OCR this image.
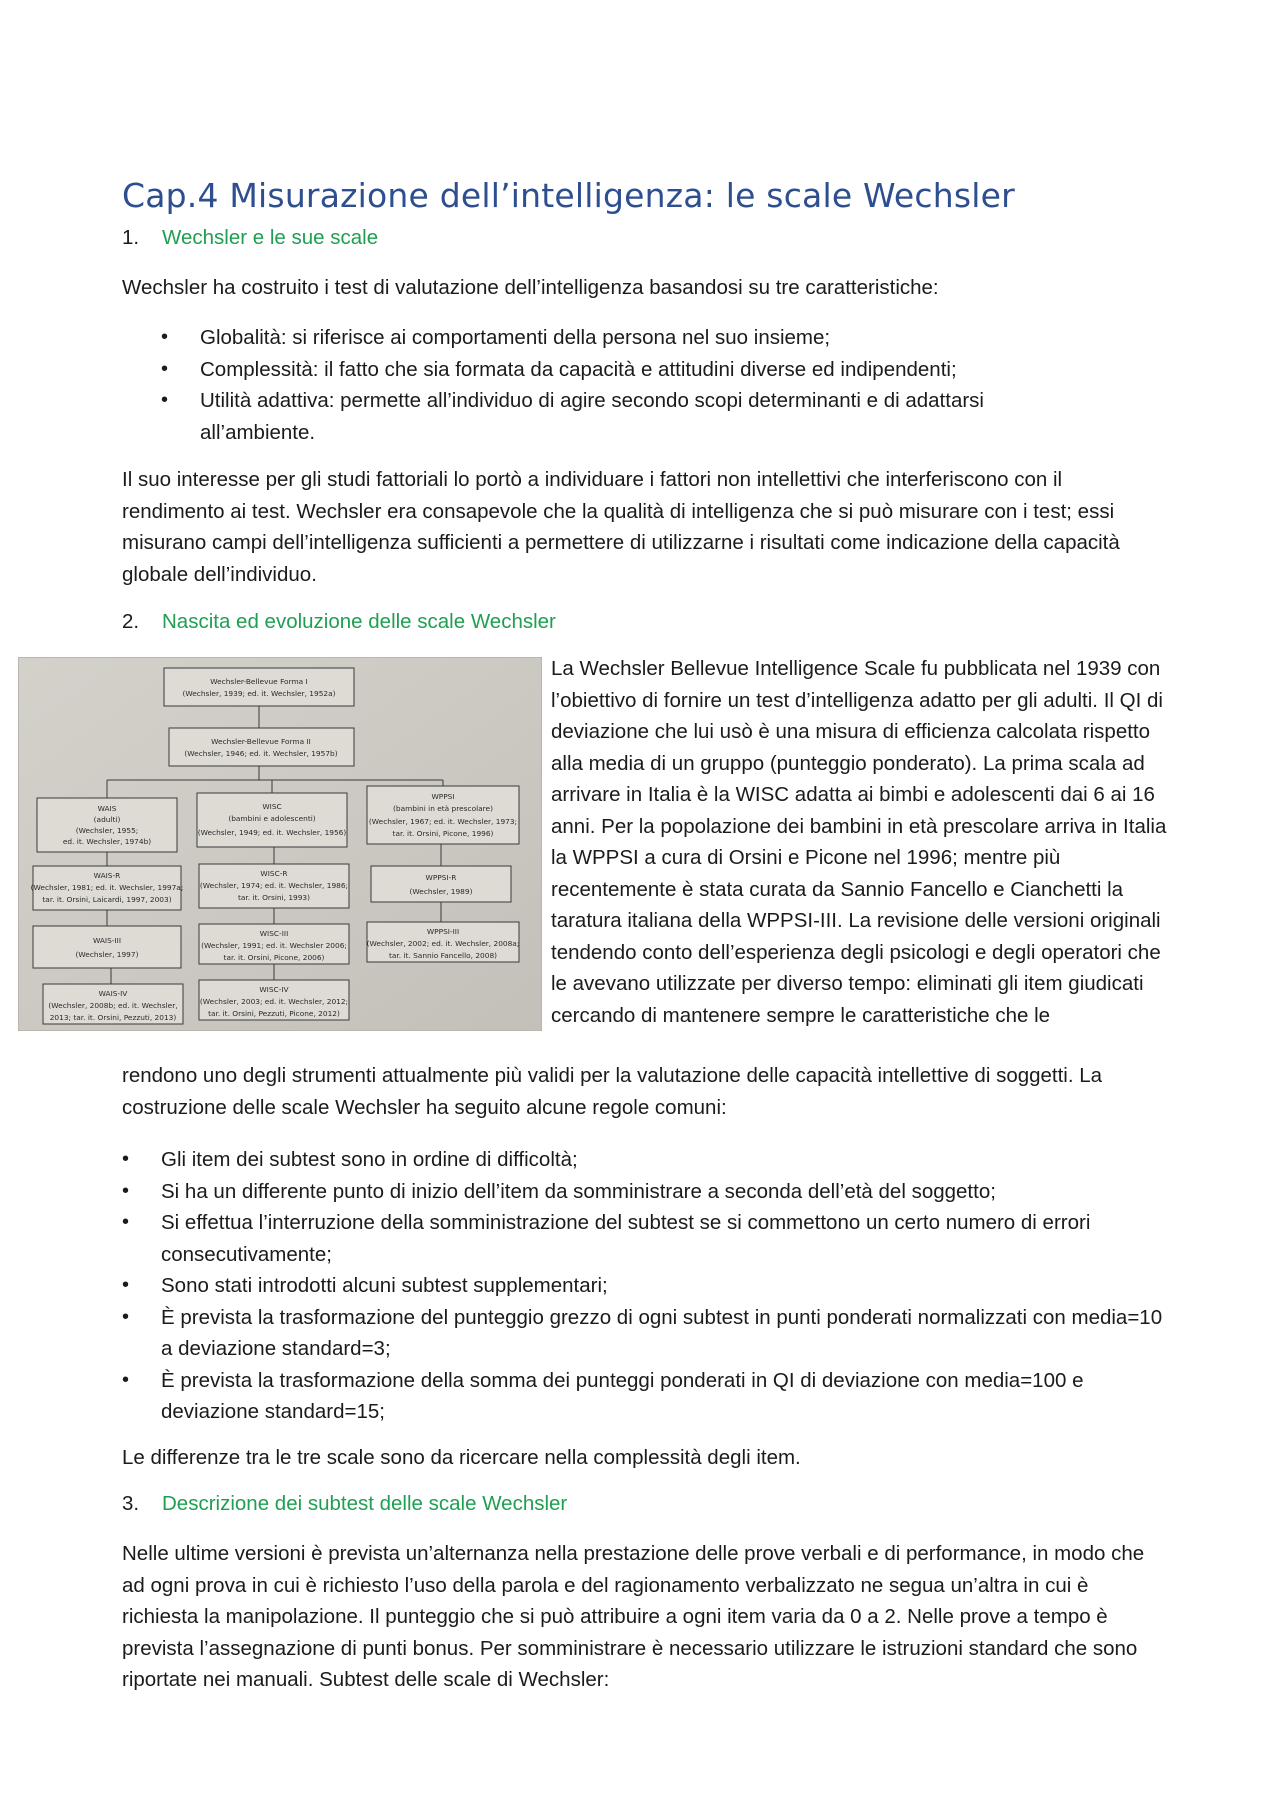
Cap.4 Misurazione dell’intelligenza: le scale Wechsler
1. Wechsler e le sue scale

Wechsler ha costruito i test di valutazione dell’intelligenza basandosi su tre caratteristiche:

• Globalità: si riferisce ai comportamenti della persona nel suo insieme;
• Complessità: il fatto che sia formata da capacità e attitudini diverse ed indipendenti;
• Utilità adattiva: permette all’individuo di agire secondo scopi determinanti e di adattarsi all’ambiente.

Il suo interesse per gli studi fattoriali lo portò a individuare i fattori non intellettivi che interferiscono con il rendimento ai test. Wechsler era consapevole che la qualità di intelligenza che si può misurare con i test; essi misurano campi dell’intelligenza sufficienti a permettere di utilizzarne i risultati come indicazione della capacità globale dell’individuo.

2. Nascita ed evoluzione delle scale Wechsler
Wechsler-Bellevue Forma I
(Wechsler, 1939; ed. it. Wechsler, 1952a)
Wechsler-Bellevue Forma II
(Wechsler, 1946; ed. it. Wechsler, 1957b)
WAIS
(adulti)
(Wechsler, 1955;
ed. it. Wechsler, 1974b)
WISC
(bambini e adolescenti)
(Wechsler, 1949; ed. it. Wechsler, 1956)
WPPSI
(bambini in età prescolare)
(Wechsler, 1967; ed. it. Wechsler, 1973;
tar. it. Orsini, Picone, 1996)
WAIS-R
(Wechsler, 1981; ed. it. Wechsler, 1997a;
tar. it. Orsini, Laicardi, 1997, 2003)
WISC-R
(Wechsler, 1974; ed. it. Wechsler, 1986;
tar. it. Orsini, 1993)
WPPSI-R
(Wechsler, 1989)
WAIS-III
(Wechsler, 1997)
WISC-III
(Wechsler, 1991; ed. it. Wechsler 2006;
tar. it. Orsini, Picone, 2006)
WPPSI-III
(Wechsler, 2002; ed. it. Wechsler, 2008a;
tar. it. Sannio Fancello, 2008)
WAIS-IV
(Wechsler, 2008b; ed. it. Wechsler,
2013; tar. it. Orsini, Pezzuti, 2013)
WISC-IV
(Wechsler, 2003; ed. it. Wechsler, 2012;
tar. it. Orsini, Pezzuti, Picone, 2012)

La Wechsler Bellevue Intelligence Scale fu pubblicata nel 1939 con l’obiettivo di fornire un test d’intelligenza adatto per gli adulti. Il QI di deviazione che lui usò è una misura di efficienza calcolata rispetto alla media di un gruppo (punteggio ponderato). La prima scala ad arrivare in Italia è la WISC adatta ai bimbi e adolescenti dai 6 ai 16 anni. Per la popolazione dei bambini in età prescolare arriva in Italia la WPPSI a cura di Orsini e Picone nel 1996; mentre più recentemente è stata curata da Sannio Fancello e Cianchetti la taratura italiana della WPPSI-III. La revisione delle versioni originali tendendo conto dell’esperienza degli psicologi e degli operatori che le avevano utilizzate per diverso tempo: eliminati gli item giudicati cercando di mantenere sempre le caratteristiche che le

rendono uno degli strumenti attualmente più validi per la valutazione delle capacità intellettive di soggetti. La costruzione delle scale Wechsler ha seguito alcune regole comuni:

• Gli item dei subtest sono in ordine di difficoltà;
• Si ha un differente punto di inizio dell’item da somministrare a seconda dell’età del soggetto;
• Si effettua l’interruzione della somministrazione del subtest se si commettono un certo numero di errori consecutivamente;
• Sono stati introdotti alcuni subtest supplementari;
• È prevista la trasformazione del punteggio grezzo di ogni subtest in punti ponderati normalizzati con media=10 a deviazione standard=3;
• È prevista la trasformazione della somma dei punteggi ponderati in QI di deviazione con media=100 e deviazione standard=15;

Le differenze tra le tre scale sono da ricercare nella complessità degli item.

3. Descrizione dei subtest delle scale Wechsler

Nelle ultime versioni è prevista un’alternanza nella prestazione delle prove verbali e di performance, in modo che ad ogni prova in cui è richiesto l’uso della parola e del ragionamento verbalizzato ne segua un’altra in cui è richiesta la manipolazione. Il punteggio che si può attribuire a ogni item varia da 0 a 2. Nelle prove a tempo è prevista l’assegnazione di punti bonus. Per somministrare è necessario utilizzare le istruzioni standard che sono riportate nei manuali. Subtest delle scale di Wechsler:
